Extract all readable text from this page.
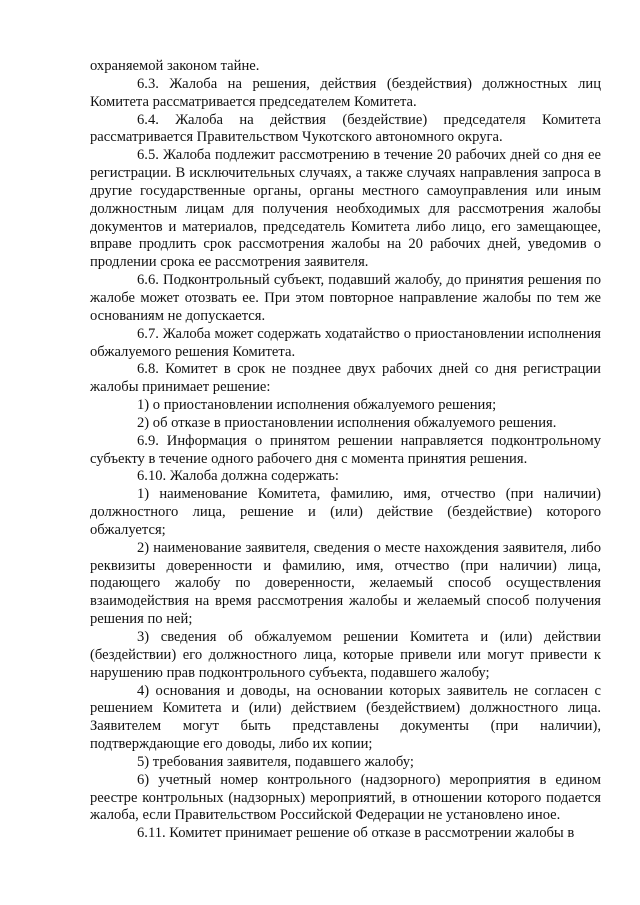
охраняемой законом тайне.

6.3. Жалоба на решения, действия (бездействия) должностных лиц Комитета рассматривается председателем Комитета.

6.4. Жалоба на действия (бездействие) председателя Комитета рассматривается Правительством Чукотского автономного округа.

6.5. Жалоба подлежит рассмотрению в течение 20 рабочих дней со дня ее регистрации. В исключительных случаях, а также случаях направления запроса в другие государственные органы, органы местного самоуправления или иным должностным лицам для получения необходимых для рассмотрения жалобы документов и материалов, председатель Комитета либо лицо, его замещающее, вправе продлить срок рассмотрения жалобы на 20 рабочих дней, уведомив о продлении срока ее рассмотрения заявителя.

6.6. Подконтрольный субъект, подавший жалобу, до принятия решения по жалобе может отозвать ее. При этом повторное направление жалобы по тем же основаниям не допускается.

6.7. Жалоба может содержать ходатайство о приостановлении исполнения обжалуемого решения Комитета.

6.8. Комитет в срок не позднее двух рабочих дней со дня регистрации жалобы принимает решение:

1) о приостановлении исполнения обжалуемого решения;

2) об отказе в приостановлении исполнения обжалуемого решения.

6.9. Информация о принятом решении направляется подконтрольному субъекту в течение одного рабочего дня с момента принятия решения.

6.10. Жалоба должна содержать:

1) наименование Комитета, фамилию, имя, отчество (при наличии) должностного лица, решение и (или) действие (бездействие) которого обжалуется;

2) наименование заявителя, сведения о месте нахождения заявителя, либо реквизиты доверенности и фамилию, имя, отчество (при наличии) лица, подающего жалобу по доверенности, желаемый способ осуществления взаимодействия на время рассмотрения жалобы и желаемый способ получения решения по ней;

3) сведения об обжалуемом решении Комитета и (или) действии (бездействии) его должностного лица, которые привели или могут привести к нарушению прав подконтрольного субъекта, подавшего жалобу;

4) основания и доводы, на основании которых заявитель не согласен с решением Комитета и (или) действием (бездействием) должностного лица. Заявителем могут быть представлены документы (при наличии), подтверждающие его доводы, либо их копии;

5) требования заявителя, подавшего жалобу;

6) учетный номер контрольного (надзорного) мероприятия в едином реестре контрольных (надзорных) мероприятий, в отношении которого подается жалоба, если Правительством Российской Федерации не установлено иное.

6.11. Комитет принимает решение об отказе в рассмотрении жалобы в
